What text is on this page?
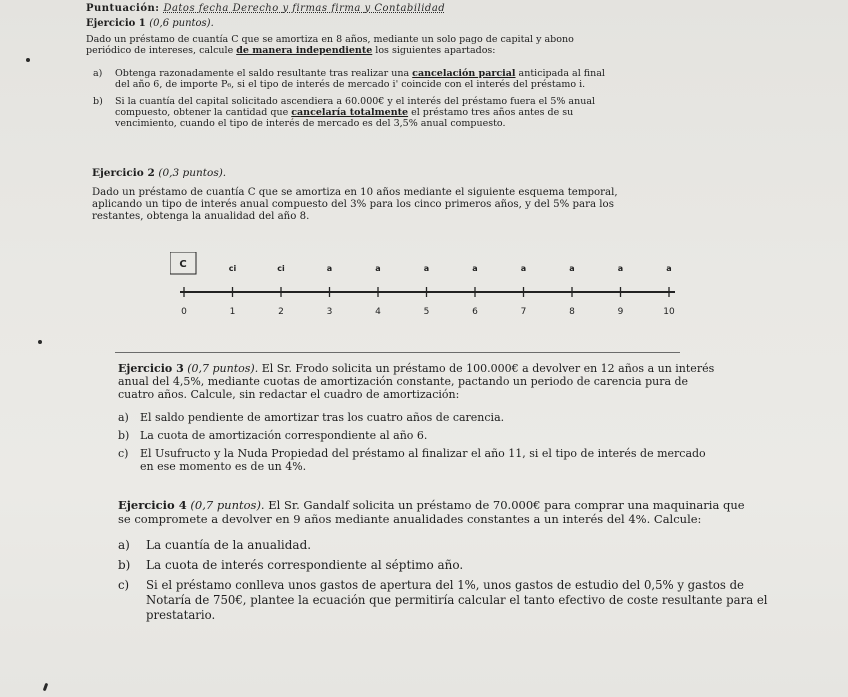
Puntuación: Datos fecha Derecho y firmas firma y Contabilidad
Ejercicio 1 (0,6 puntos).
Dado un préstamo de cuantía C que se amortiza en 8 años, mediante un solo pago de capital y abono
periódico de intereses, calcule de manera independiente los siguientes apartados:
a) Obtenga razonadamente el saldo resultante tras realizar una cancelación parcial anticipada al final
del año 6, de importe P₆, si el tipo de interés de mercado i' coincide con el interés del préstamo i.
b) Si la cuantía del capital solicitado ascendiera a 60.000€ y el interés del préstamo fuera el 5% anual
compuesto, obtener la cantidad que cancelaría totalmente el préstamo tres años antes de su
vencimiento, cuando el tipo de interés de mercado es del 3,5% anual compuesto.
Ejercicio 2 (0,3 puntos).
Dado un préstamo de cuantía C que se amortiza en 10 años mediante el siguiente esquema temporal,
aplicando un tipo de interés anual compuesto del 3% para los cinco primeros años, y del 5% para los
restantes, obtenga la anualidad del año 8.
C	ci	ci	a	a	a	a	a	a	a	a
0	1	2	3	4	5	6	7	8	9	10
Ejercicio 3 (0,7 puntos). El Sr. Frodo solicita un préstamo de 100.000€ a devolver en 12 años a un interés
anual del 4,5%, mediante cuotas de amortización constante, pactando un periodo de carencia pura de
cuatro años. Calcule, sin redactar el cuadro de amortización:
a) El saldo pendiente de amortizar tras los cuatro años de carencia.
b) La cuota de amortización correspondiente al año 6.
c) El Usufructo y la Nuda Propiedad del préstamo al finalizar el año 11, si el tipo de interés de mercado
en ese momento es de un 4%.
Ejercicio 4 (0,7 puntos). El Sr. Gandalf solicita un préstamo de 70.000€ para comprar una maquinaria que
se compromete a devolver en 9 años mediante anualidades constantes a un interés del 4%. Calcule:
a) La cuantía de la anualidad.
b) La cuota de interés correspondiente al séptimo año.
c) Si el préstamo conlleva unos gastos de apertura del 1%, unos gastos de estudio del 0,5% y gastos de
Notaría de 750€, plantee la ecuación que permitiría calcular el tanto efectivo de coste resultante para el
prestatario.
